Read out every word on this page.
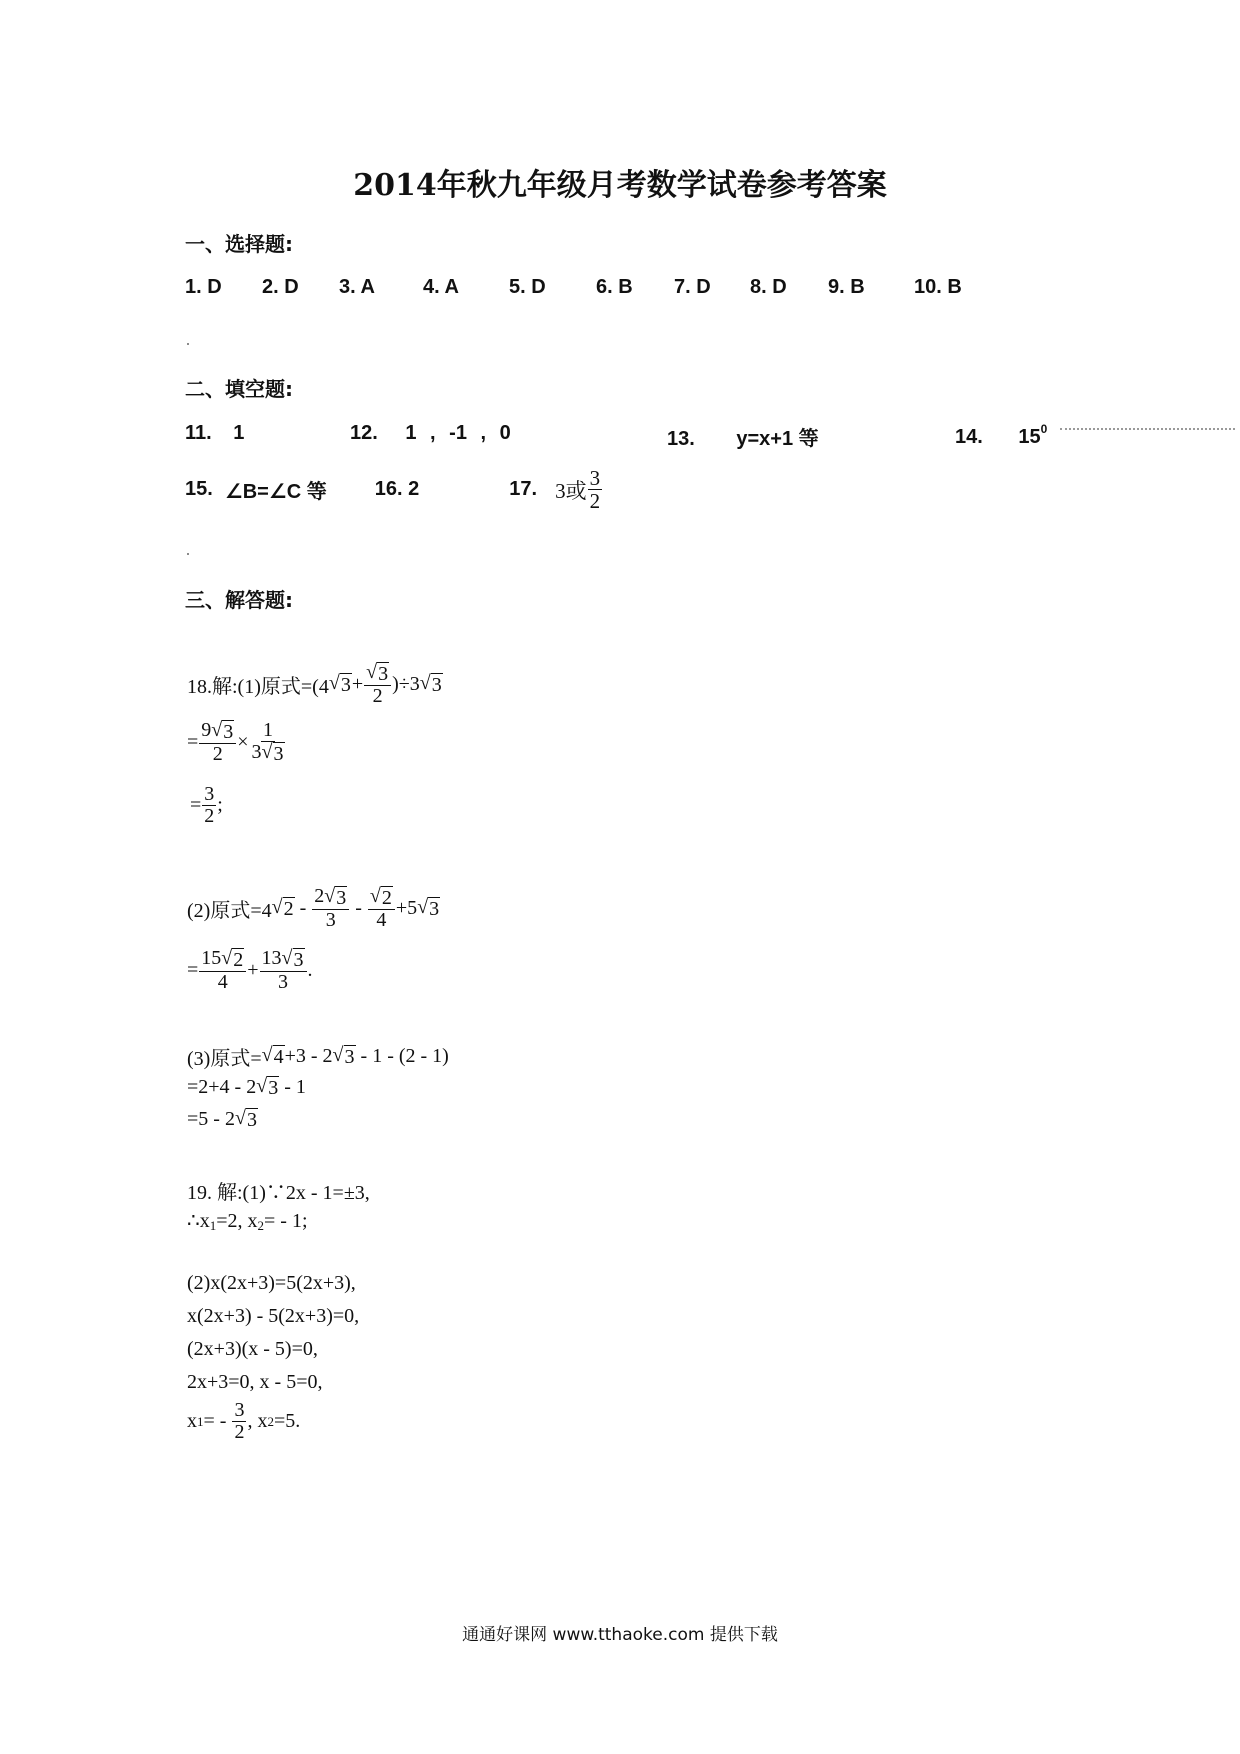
2014年秋九年级月考数学试卷参考答案
一、选择题:
1. D	2. D	3. A	4. A	5. D	6. B	7. D	8. D	9. B	10. B
二、填空题:
11. 1	12. 1 , -1 , 0	13. y=x+1 等	14. $15^0$
15. ∠B=∠C 等 16. 2	17. 3或 $\frac{3}{2}$
三、解答题:
18.解:(1)原式=(4 √ $3 + \frac{√ 3}{2} )\div 3$ √ 3
= $\frac{9 √ 3}{2} \times \frac{1}{3 √ 3}$
= $\frac{3}{2}$ ;
(2)原式=4 √ $2 - \frac{2 √ 3}{3} - \frac{√ 2}{4} +5$ √ 3
= $\frac{15 √ 2}{4} + \frac{13 √ 3}{3}$ .
(3)原式= √ 4 +3 - 2 √ 3 - 1 - (2 - 1)
=2+4 - 2 √ 3 - 1
=5 - 2 √ 3
19. 解:(1)∵2x - 1=±3,
$\therefore x_1=2$, $x_2= - 1$;
(2)x(2x+3)=5(2x+3),
x(2x+3) - 5(2x+3)=0,
(2x+3)(x - 5)=0,
2x+3=0, x - 5=0,
x 1 = - $\frac{3}{2}$ , x 2 =5.
通通好课网 www.tthaoke.com 提供下载
